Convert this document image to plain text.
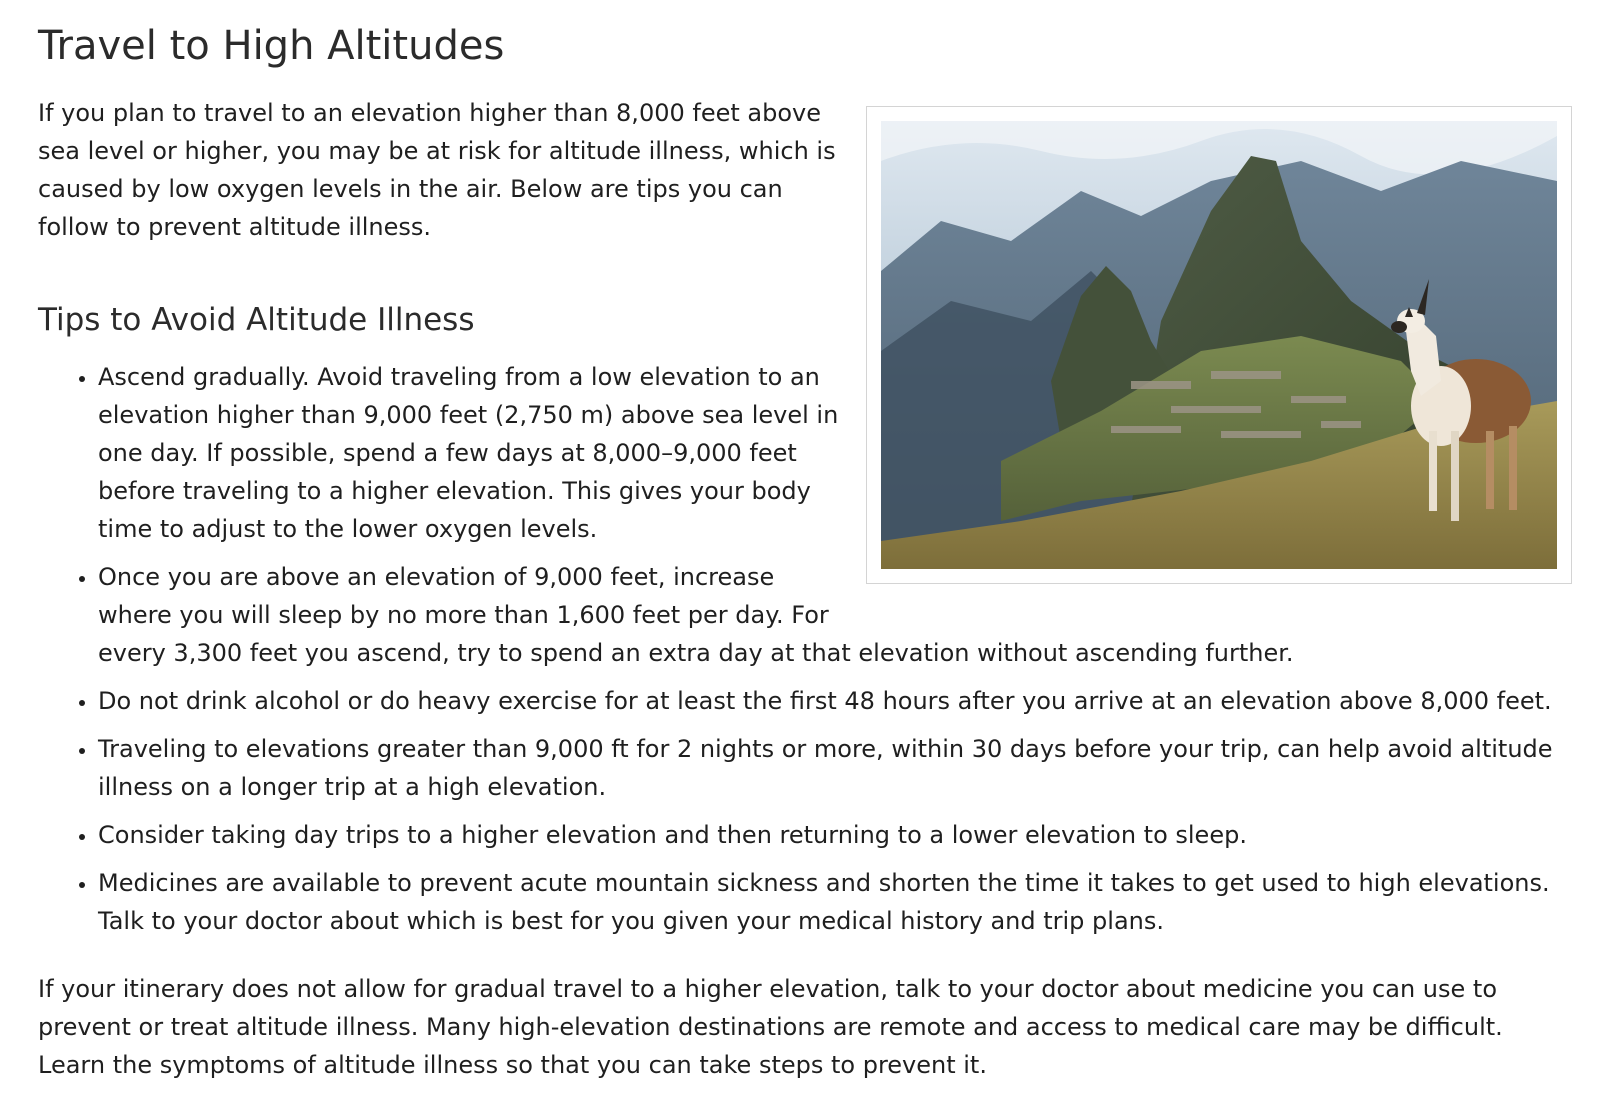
Travel to High Altitudes

If you plan to travel to an elevation higher than 8,000 feet above sea level or higher, you may be at risk for altitude illness, which is caused by low oxygen levels in the air. Below are tips you can follow to prevent altitude illness.

Tips to Avoid Altitude Illness
• Ascend gradually. Avoid traveling from a low elevation to an elevation higher than 9,000 feet (2,750 m) above sea level in one day. If possible, spend a few days at 8,000–9,000 feet before traveling to a higher elevation. This gives your body time to adjust to the lower oxygen levels.
• Once you are above an elevation of 9,000 feet, increase where you will sleep by no more than 1,600 feet per day. For every 3,300 feet you ascend, try to spend an extra day at that elevation without ascending further.
• Do not drink alcohol or do heavy exercise for at least the first 48 hours after you arrive at an elevation above 8,000 feet.
• Traveling to elevations greater than 9,000 ft for 2 nights or more, within 30 days before your trip, can help avoid altitude illness on a longer trip at a high elevation.
• Consider taking day trips to a higher elevation and then returning to a lower elevation to sleep.
• Medicines are available to prevent acute mountain sickness and shorten the time it takes to get used to high elevations. Talk to your doctor about which is best for you given your medical history and trip plans.

If your itinerary does not allow for gradual travel to a higher elevation, talk to your doctor about medicine you can use to prevent or treat altitude illness. Many high-elevation destinations are remote and access to medical care may be difficult. Learn the symptoms of altitude illness so that you can take steps to prevent it.
